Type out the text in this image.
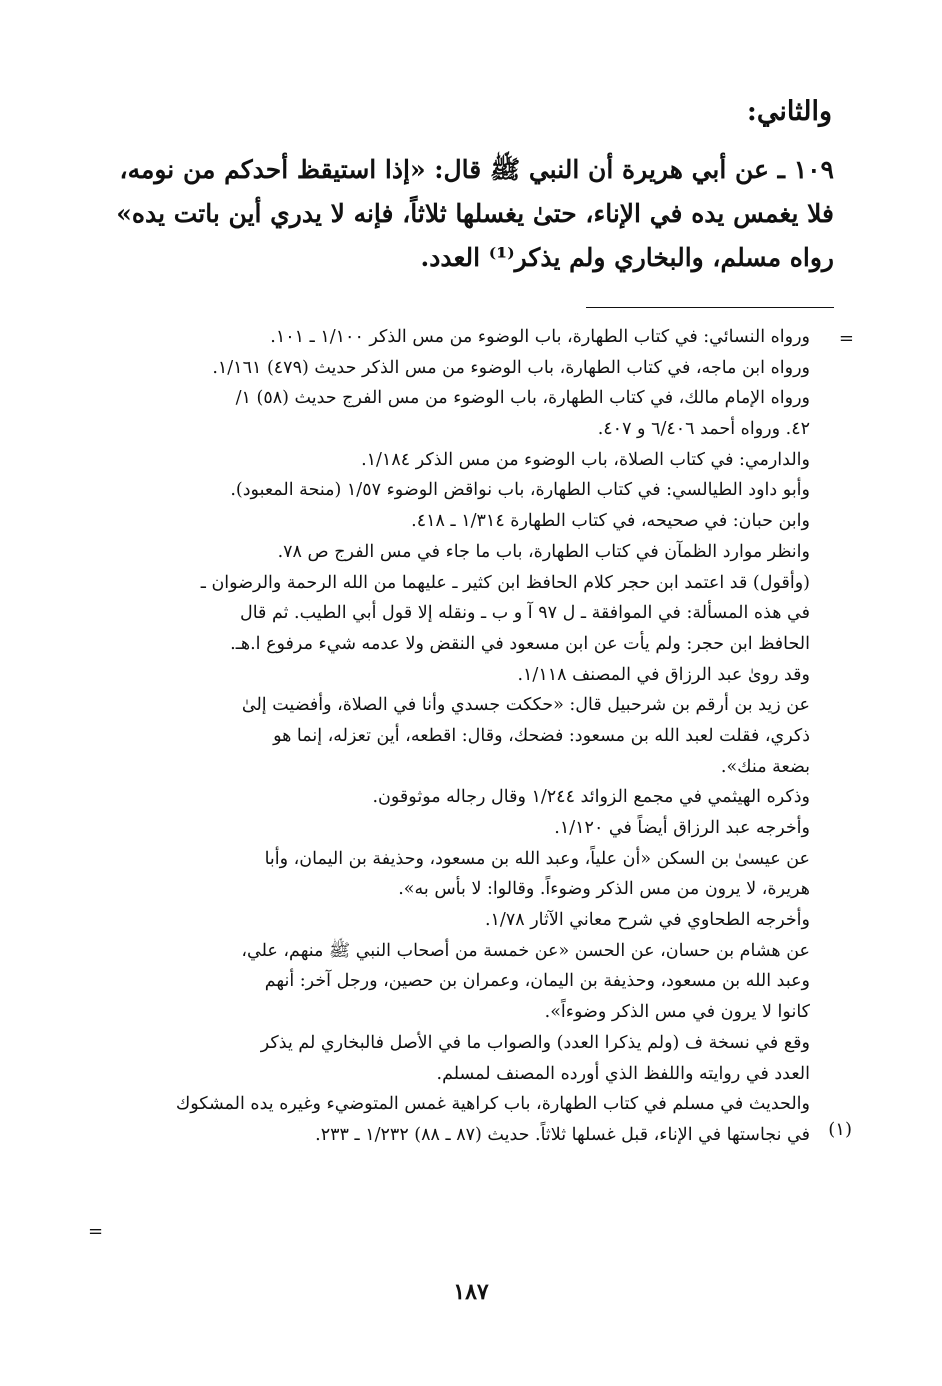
والثاني:
١٠٩ ـ عن أبي هريرة أن النبي ﷺ قال: «إذا استيقظ أحدكم من نومه،
فلا يغمس يده في الإناء، حتىٰ يغسلها ثلاثاً، فإنه لا يدري أين باتت يده»
رواه مسلم، والبخاري ولم يذكر⁽¹⁾ العدد.
=
ورواه النسائي: في كتاب الطهارة، باب الوضوء من مس الذكر ١/١٠٠ ـ ١٠١.
ورواه ابن ماجه، في كتاب الطهارة، باب الوضوء من مس الذكر حديث (٤٧٩) ١/١٦١.
ورواه الإمام مالك، في كتاب الطهارة، باب الوضوء من مس الفرج حديث (٥٨) ١/
٤٢. ورواه أحمد ٦/٤٠٦ و ٤٠٧.
والدارمي: في كتاب الصلاة، باب الوضوء من مس الذكر ١/١٨٤.
وأبو داود الطيالسي: في كتاب الطهارة، باب نواقض الوضوء ١/٥٧ (منحة المعبود).
وابن حبان: في صحيحه، في كتاب الطهارة ١/٣١٤ ـ ٤١٨.
وانظر موارد الظمآن في كتاب الطهارة، باب ما جاء في مس الفرج ص ٧٨.
(وأقول) قد اعتمد ابن حجر كلام الحافظ ابن كثير ـ عليهما من الله الرحمة والرضوان ـ
في هذه المسألة: في الموافقة ـ ل ٩٧ آ و ب ـ ونقله إلا قول أبي الطيب. ثم قال
الحافظ ابن حجر: ولم يأت عن ابن مسعود في النقض ولا عدمه شيء مرفوع ا.هـ.
وقد روىٰ عبد الرزاق في المصنف ١/١١٨.
عن زيد بن أرقم بن شرحبيل قال: «حككت جسدي وأنا في الصلاة، وأفضيت إلىٰ
ذكري، فقلت لعبد الله بن مسعود: فضحك، وقال: اقطعه، أين تعزله، إنما هو
بضعة منك».
وذكره الهيثمي في مجمع الزوائد ١/٢٤٤ وقال رجاله موثوقون.
وأخرجه عبد الرزاق أيضاً في ١/١٢٠.
عن عيسىٰ بن السكن «أن علياً، وعبد الله بن مسعود، وحذيفة بن اليمان، وأبا
هريرة، لا يرون من مس الذكر وضوءاً. وقالوا: لا بأس به».
وأخرجه الطحاوي في شرح معاني الآثار ١/٧٨.
عن هشام بن حسان، عن الحسن «عن خمسة من أصحاب النبي ﷺ منهم، علي،
وعبد الله بن مسعود، وحذيفة بن اليمان، وعمران بن حصين، ورجل آخر: أنهم
كانوا لا يرون في مس الذكر وضوءاً».
وقع في نسخة ف (ولم يذكرا العدد) والصواب ما في الأصل فالبخاري لم يذكر
العدد في روايته واللفظ الذي أورده المصنف لمسلم.
والحديث في مسلم في كتاب الطهارة، باب كراهية غمس المتوضيء وغيره يده المشكوك
في نجاستها في الإناء، قبل غسلها ثلاثاً. حديث (٨٧ ـ ٨٨) ١/٢٣٢ ـ ٢٣٣. (١)
=
١٨٧
